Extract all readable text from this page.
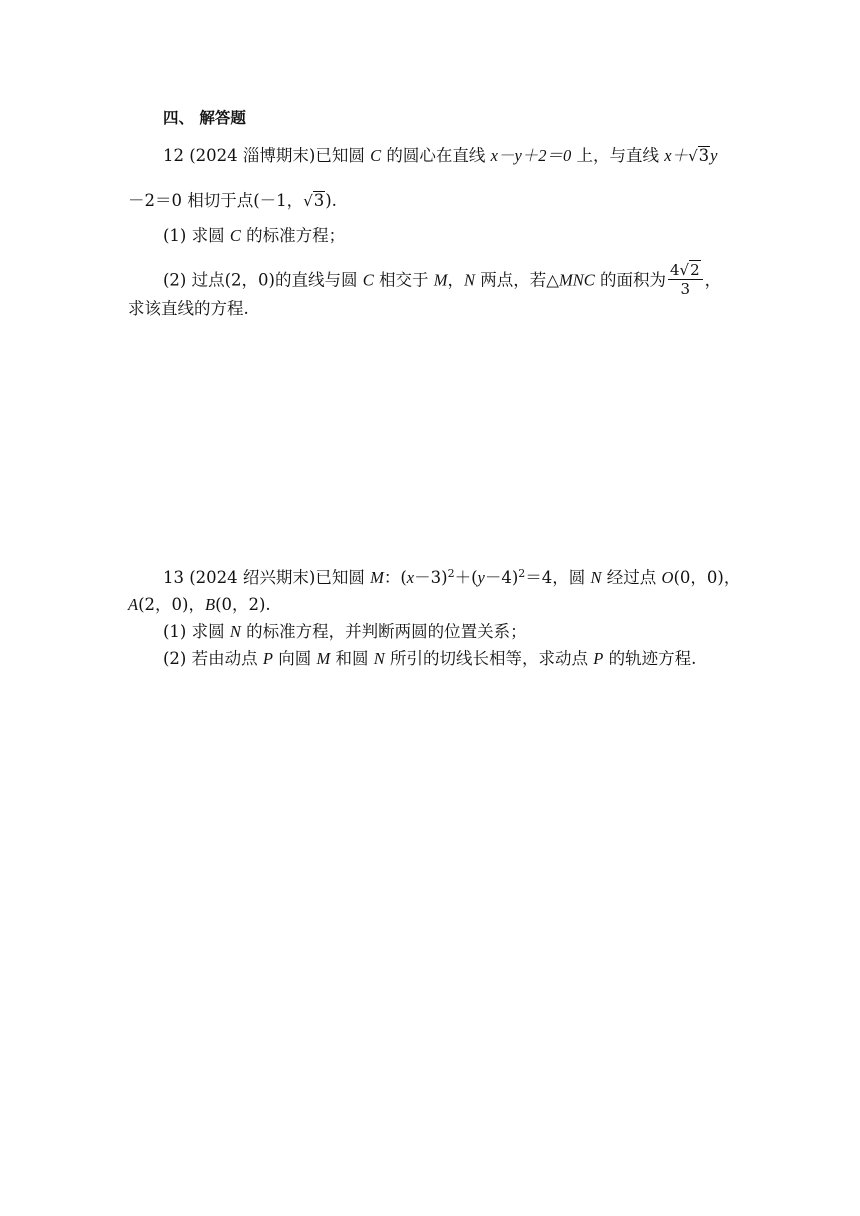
四、 解答题
12 (2024 淄博期末)已知圆 C 的圆心在直线 x－y＋2＝0 上，与直线 x＋√3y
－2＝0 相切于点(－1，√3).
(1) 求圆 C 的标准方程；
(2) 过点(2，0)的直线与圆 C 相交于 M，N 两点，若△MNC 的面积为 $\frac{4√2}{3}$ ，
求该直线的方程.
13 (2024 绍兴期末)已知圆 M：$(x-3)^2+(y-4)^2=4$，圆 N 经过点 O(0，0)，
A(2，0)，B(0，2).
(1) 求圆 N 的标准方程，并判断两圆的位置关系；
(2) 若由动点 P 向圆 M 和圆 N 所引的切线长相等，求动点 P 的轨迹方程.
